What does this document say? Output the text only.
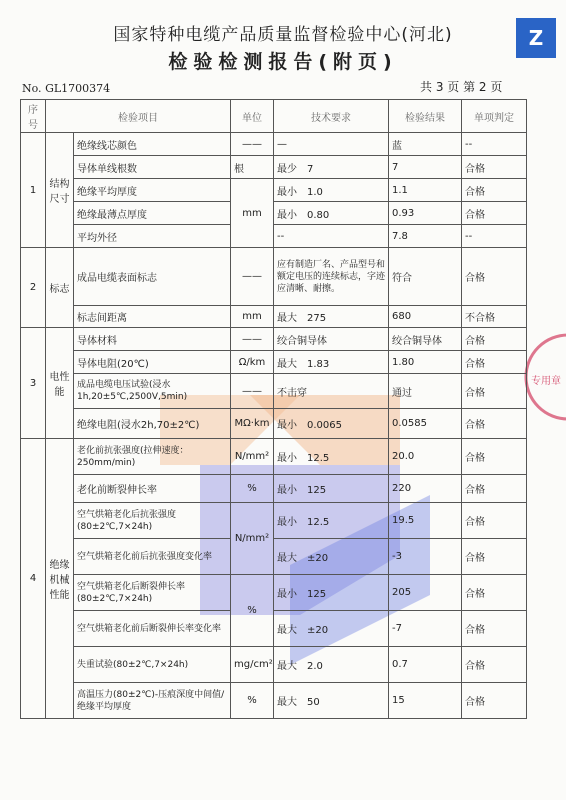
Z
国家特种电缆产品质量监督检验中心(河北)
检验检测报告(附页)
No. GL1700374	共 3 页 第 2 页
专用章
序号	检验项目		单位	技术要求	检验结果	单项判定
1	结构尺寸	绝缘线芯颜色	——	—	蓝	--
		导体单线根数	根	最少　7	7	合格
		绝缘平均厚度	mm	最小　1.0	1.1	合格
		绝缘最薄点厚度		最小　0.80	0.93	合格
		平均外径		--	7.8	--
2	标志	成品电缆表面标志	——	应有制造厂名、产品型号和额定电压的连续标志，字迹应清晰、耐擦。	符合	合格
		标志间距离	mm	最大　275	680	不合格
3	电性能	导体材料	——	绞合铜导体	绞合铜导体	合格
		导体电阻(20℃)	Ω/km	最大　1.83	1.80	合格
		成品电缆电压试验(浸水1h,20±5℃,2500V,5min)	——	不击穿	通过	合格
		绝缘电阻(浸水2h,70±2℃)	MΩ·km	最小　0.0065	0.0585	合格
4	绝缘机械性能	老化前抗张强度(拉伸速度：250mm/min)	N/mm²	最小　12.5	20.0	合格
		老化前断裂伸长率	%	最小　125	220	合格
		空气烘箱老化后抗张强度(80±2℃,7×24h)	N/mm²	最小　12.5	19.5	合格
		空气烘箱老化前后抗张强度变化率		最大　±20	-3	合格
		空气烘箱老化后断裂伸长率(80±2℃,7×24h)	%	最小　125	205	合格
		空气烘箱老化前后断裂伸长率变化率		最大　±20	-7	合格
		失重试验(80±2℃,7×24h)	mg/cm²	最大　2.0	0.7	合格
		高温压力(80±2℃)-压痕深度中间值/绝缘平均厚度	%	最大　50	15	合格
